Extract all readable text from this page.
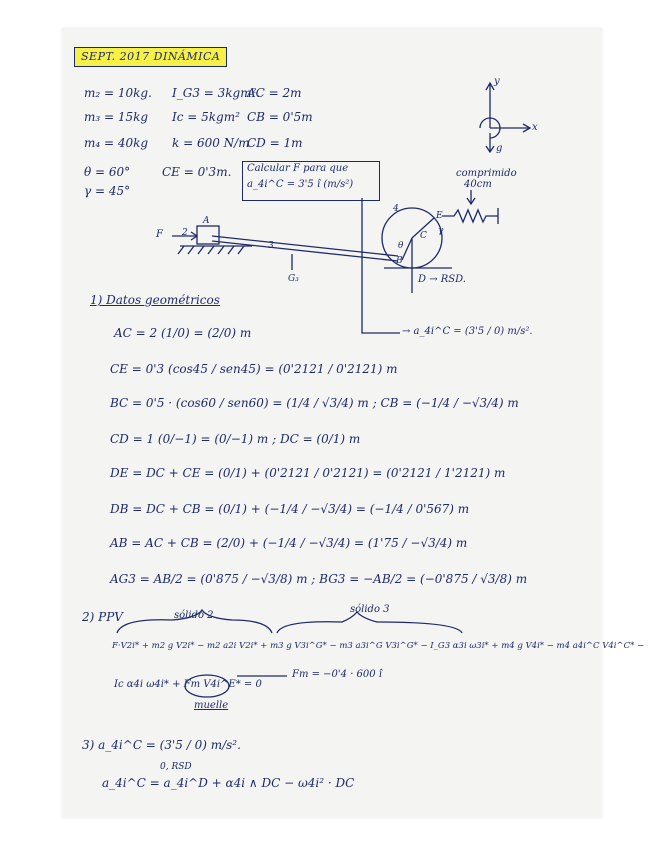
SEPT. 2017 DINÁMICA
m₂ = 10kg. I_G3 = 3kgm².
AC = 2m
m₃ = 15kg Ic = 5kgm² CB = 0'5m
m₄ = 40kg k = 600 N/m
CD = 1m
θ = 60°	CE = 0'3m.
γ = 45°
Calcular F para que
a_4i^C = 3'5 î (m/s²)
y
x
g
comprimido
40cm
F
A
2
3
G₃
4
C
E
γ
θ
B
D → RSD.
→ a_4i^C = (3'5 / 0) m/s².
1) Datos geométricos
AC = 2 (1/0) = (2/0) m
CE = 0'3 (cos45 / sen45) = (0'2121 / 0'2121) m
BC = 0'5 · (cos60 / sen60) = (1/4 / √3/4) m ; CB = (−1/4 / −√3/4) m
CD = 1 (0/−1) = (0/−1) m ; DC = (0/1) m
DE = DC + CE = (0/1) + (0'2121 / 0'2121) = (0'2121 / 1'2121) m
DB = DC + CB = (0/1) + (−1/4 / −√3/4) = (−1/4 / 0'567) m
AB = AC + CB = (2/0) + (−1/4 / −√3/4) = (1'75 / −√3/4) m
AG3 = AB/2 = (0'875 / −√3/8) m ; BG3 = −AB/2 = (−0'875 / √3/8) m
2) PPV	sólido 2
sólido 3
F·V2i* + m2 g V2i* − m2 a2i V2i* + m3 g V3i^G* − m3 a3i^G V3i^G* − I_G3 α3i ω3i* + m4 g V4i* − m4 a4i^C V4i^C* −
Fm = −0'4 · 600 î
Ic α4i ω4i* + Fm V4i^E* = 0
muelle
3) a_4i^C = (3'5 / 0) m/s².
0, RSD
a_4i^C = a_4i^D + α4i ∧ DC − ω4i² · DC
